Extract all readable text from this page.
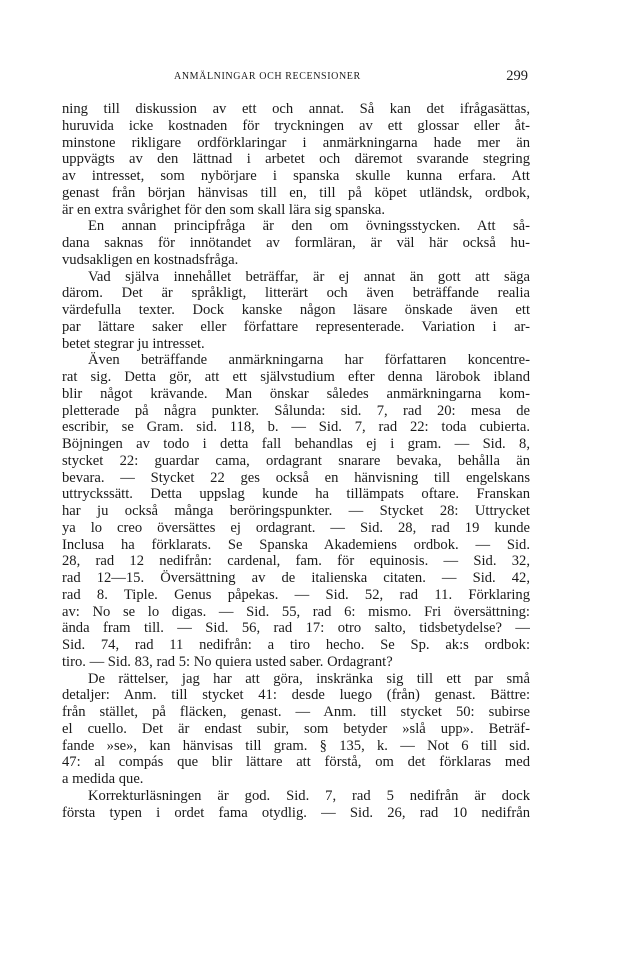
ANMÄLNINGAR OCH RECENSIONER	299
ning till diskussion av ett och annat. Så kan det ifrågasättas,
huruvida icke kostnaden för tryckningen av ett glossar eller åt-
minstone rikligare ordförklaringar i anmärkningarna hade mer än
uppvägts av den lättnad i arbetet och däremot svarande stegring
av intresset, som nybörjare i spanska skulle kunna erfara. Att
genast från början hänvisas till en, till på köpet utländsk, ordbok,
är en extra svårighet för den som skall lära sig spanska.
En annan principfråga är den om övningsstycken. Att så-
dana saknas för innötandet av formläran, är väl här också hu-
vudsakligen en kostnadsfråga.
Vad själva innehållet beträffar, är ej annat än gott att säga
därom. Det är språkligt, litterärt och även beträffande realia
värdefulla texter. Dock kanske någon läsare önskade även ett
par lättare saker eller författare representerade. Variation i ar-
betet stegrar ju intresset.
Även beträffande anmärkningarna har författaren koncentre-
rat sig. Detta gör, att ett självstudium efter denna lärobok ibland
blir något krävande. Man önskar således anmärkningarna kom-
pletterade på några punkter. Sålunda: sid. 7, rad 20: mesa de
escribir, se Gram. sid. 118, b. — Sid. 7, rad 22: toda cubierta.
Böjningen av todo i detta fall behandlas ej i gram. — Sid. 8,
stycket 22: guardar cama, ordagrant snarare bevaka, behålla än
bevara. — Stycket 22 ges också en hänvisning till engelskans
uttryckssätt. Detta uppslag kunde ha tillämpats oftare. Franskan
har ju också många beröringspunkter. — Stycket 28: Uttrycket
ya lo creo översättes ej ordagrant. — Sid. 28, rad 19 kunde
Inclusa ha förklarats. Se Spanska Akademiens ordbok. — Sid.
28, rad 12 nedifrån: cardenal, fam. för equinosis. — Sid. 32,
rad 12—15. Översättning av de italienska citaten. — Sid. 42,
rad 8. Tiple. Genus påpekas. — Sid. 52, rad 11. Förklaring
av: No se lo digas. — Sid. 55, rad 6: mismo. Fri översättning:
ända fram till. — Sid. 56, rad 17: otro salto, tidsbetydelse? —
Sid. 74, rad 11 nedifrån: a tiro hecho. Se Sp. ak:s ordbok:
tiro. — Sid. 83, rad 5: No quiera usted saber. Ordagrant?
De rättelser, jag har att göra, inskränka sig till ett par små
detaljer: Anm. till stycket 41: desde luego (från) genast. Bättre:
från stället, på fläcken, genast. — Anm. till stycket 50: subirse
el cuello. Det är endast subir, som betyder »slå upp». Beträf-
fande »se», kan hänvisas till gram. § 135, k. — Not 6 till sid.
47: al compás que blir lättare att förstå, om det förklaras med
a medida que.
Korrekturläsningen är god. Sid. 7, rad 5 nedifrån är dock
första typen i ordet fama otydlig. — Sid. 26, rad 10 nedifrån
